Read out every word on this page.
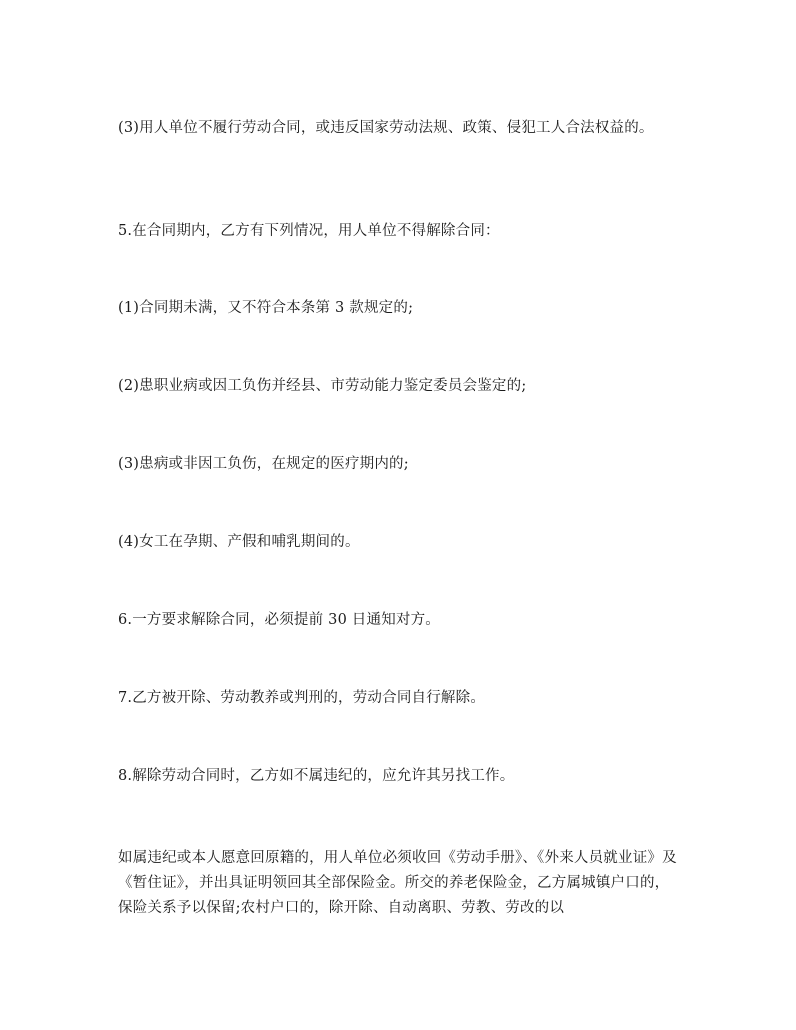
(3)用人单位不履行劳动合同，或违反国家劳动法规、政策、侵犯工人合法权益的。

5.在合同期内，乙方有下列情况，用人单位不得解除合同：

(1)合同期未满，又不符合本条第 3 款规定的;

(2)患职业病或因工负伤并经县、市劳动能力鉴定委员会鉴定的;

(3)患病或非因工负伤，在规定的医疗期内的;

(4)女工在孕期、产假和哺乳期间的。

6.一方要求解除合同，必须提前 30 日通知对方。

7.乙方被开除、劳动教养或判刑的，劳动合同自行解除。

8.解除劳动合同时，乙方如不属违纪的，应允许其另找工作。

如属违纪或本人愿意回原籍的，用人单位必须收回《劳动手册》、《外来人员就业证》及《暂住证》，并出具证明领回其全部保险金。所交的养老保险金，乙方属城镇户口的，保险关系予以保留;农村户口的，除开除、自动离职、劳教、劳改的以
